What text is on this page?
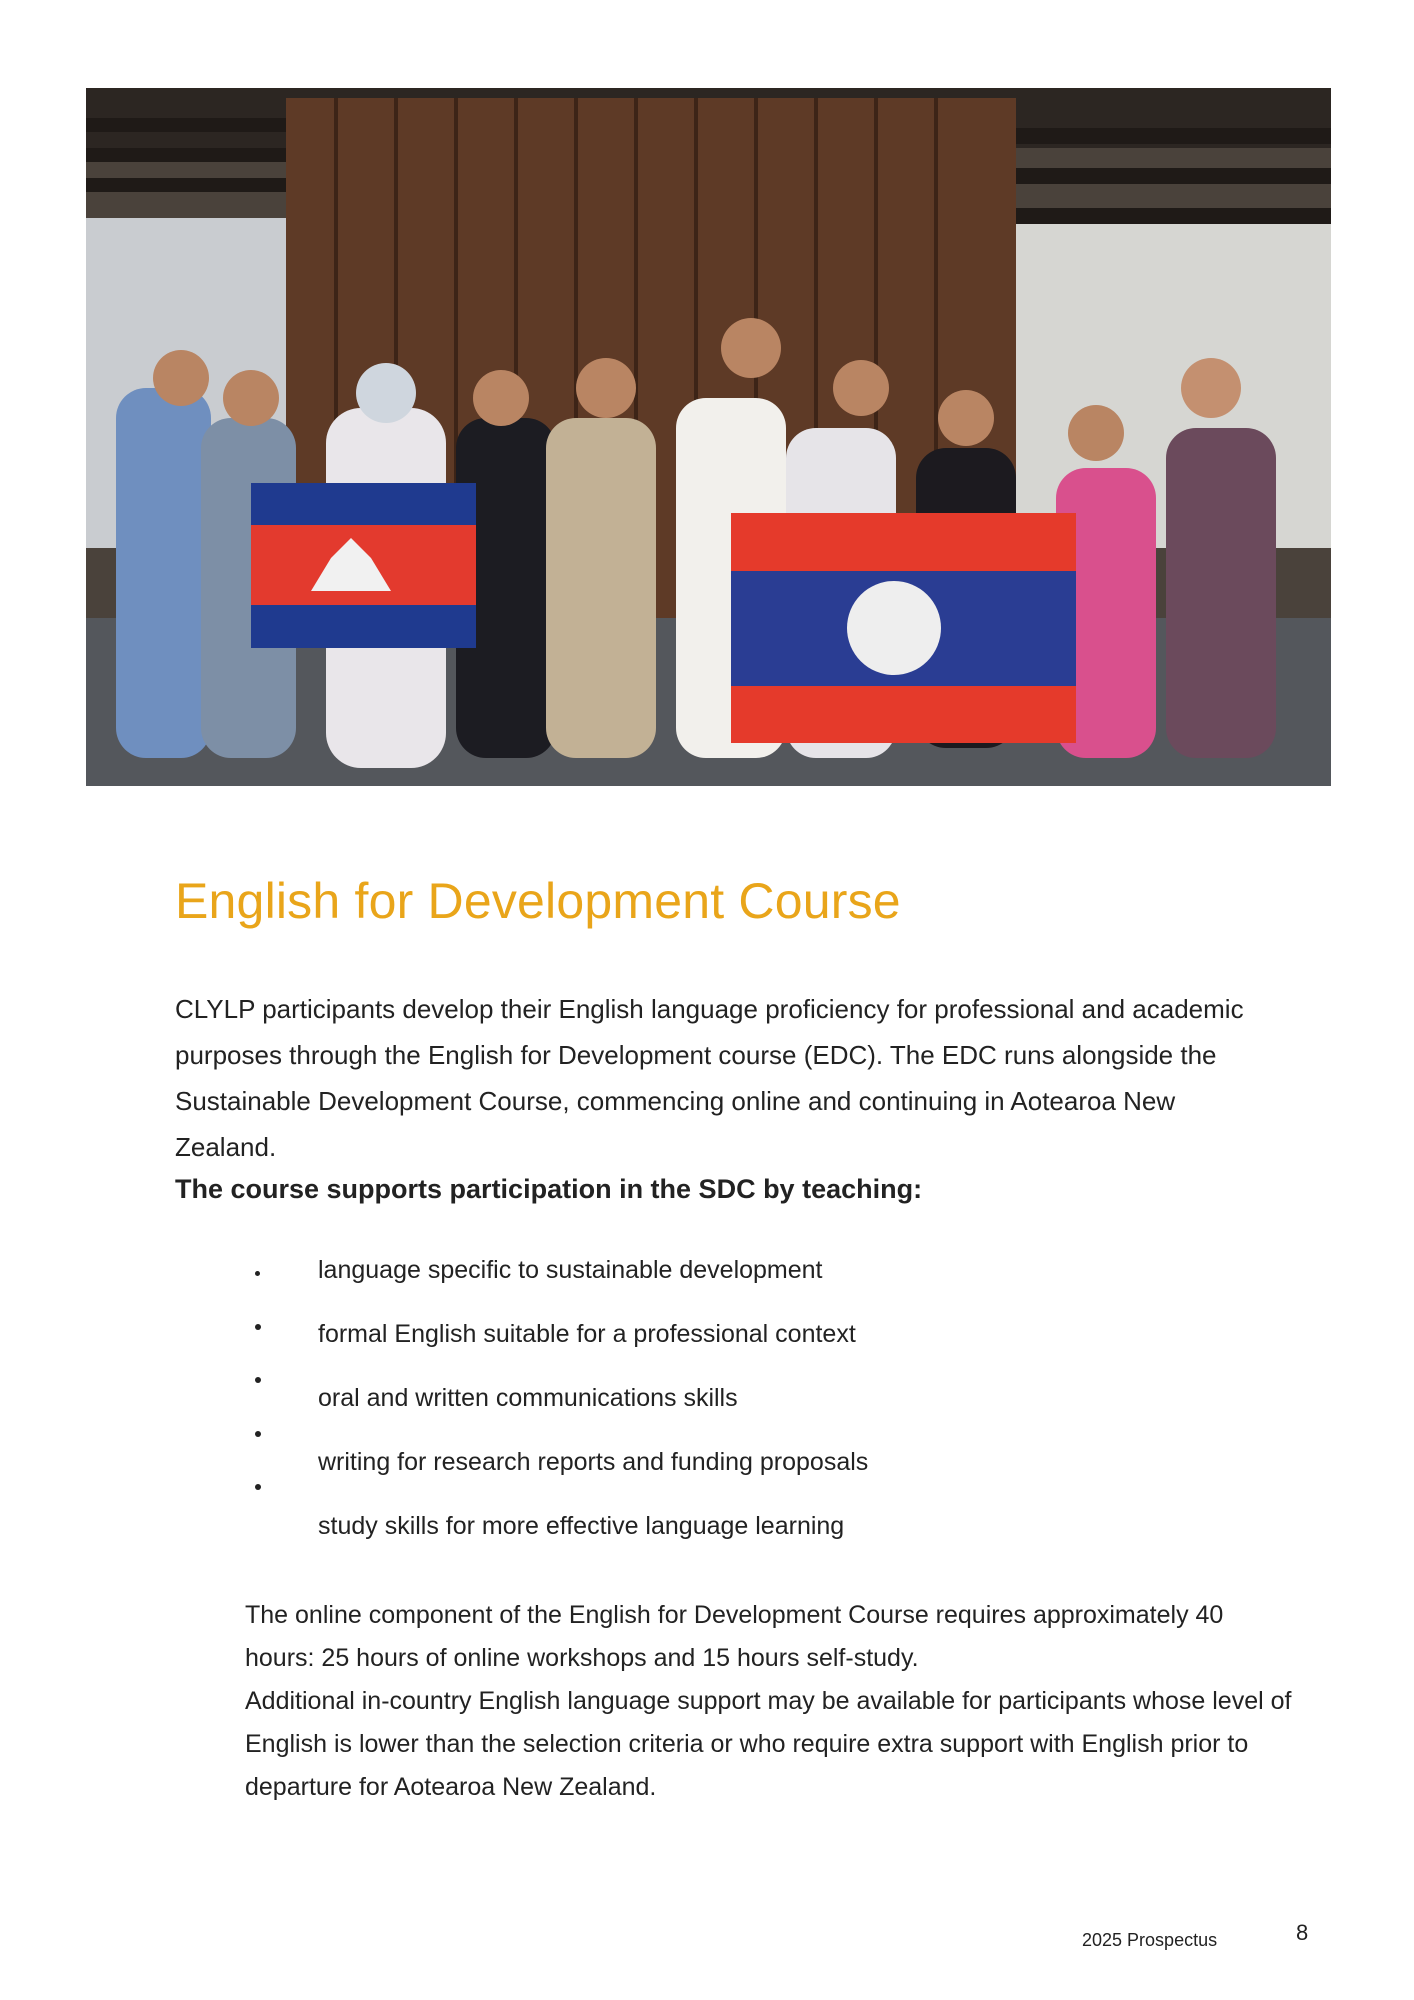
English for Development Course

CLYLP participants develop their English language proficiency for professional and academic purposes through the English for Development course (EDC). The EDC runs alongside the Sustainable Development Course, commencing online and continuing in Aotearoa New Zealand.

The course supports participation in the SDC by teaching:

language specific to sustainable development
formal English suitable for a professional context
oral and written communications skills
writing for research reports and funding proposals
study skills for more effective language learning

The online component of the English for Development Course requires approximately 40 hours: 25 hours of online workshops and 15 hours self-study.

Additional in-country English language support may be available for participants whose level of English is lower than the selection criteria or who require extra support with English prior to departure for Aotearoa New Zealand.

2025 Prospectus	8
